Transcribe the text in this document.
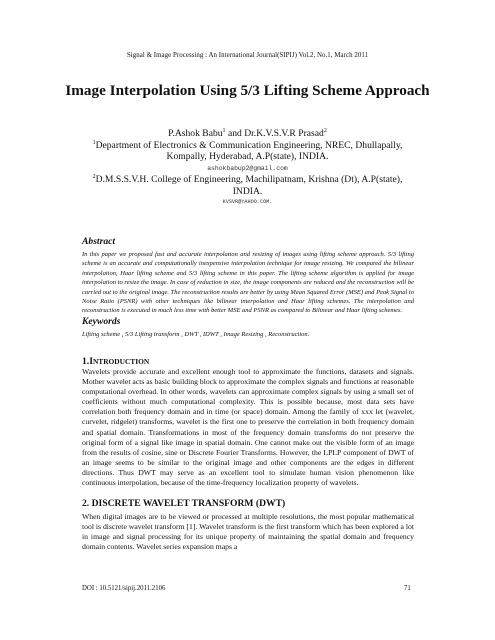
Signal & Image Processing : An International Journal(SIPIJ) Vol.2, No.1, March 2011
Image Interpolation Using 5/3 Lifting Scheme Approach
P.Ashok Babu$^1$ and Dr.K.V.S.V.R Prasad$^2$
$^1$Department of Electronics & Communication Engineering, NREC, Dhullapally,
Kompally, Hyderabad, A.P(state), INDIA.
ashokbabup2@gmail.com
$^2$D.M.S.S.V.H. College of Engineering, Machilipatnam, Krishna (Dt), A.P(state),
INDIA.
KVSVR@YAHOO.COM.
Abstract

In this paper we proposed fast and accurate interpolation and resizing of images using lifting scheme approach. 5/3 lifting scheme is an accurate and computationally inexpensive interpolation technique for image resizing. We compared the bilinear interpolation, Haar lifting scheme and 5/3 lifting scheme in this paper. The lifting scheme algorithm is applied for image interpolation to resize the image. In case of reduction in size, the image components are reduced and the reconstruction will be carried out to the original image. The reconstruction results are better by using Mean Squared Error (MSE) and Peak Signal to Noise Ratio (PSNR) with other techniques like bilinear interpolation and Haar lifting schemes. The interpolation and reconstruction is executed in much less time with better MSE and PSNR as compared to Bilinear and Haar lifting schemes.

Keywords

Lifting scheme , 5/3 Lifting transform , DWT , IDWT , Image Resizing , Reconstruction.

1.INTRODUCTION

Wavelets provide accurate and excellent enough tool to approximate the functions, datasets and signals. Mother wavelet acts as basic building block to approximate the complex signals and functions at reasonable computational overhead. In other words, wavelets can approximate complex signals by using a small set of coefficients without much computational complexity. This is possible because, most data sets have correlation both frequency domain and in time (or space) domain. Among the family of xxx let (wavelet, curvelet, ridgelet) transforms, wavelet is the first one to preserve the correlation in both frequency domain and spatial domain. Transformations in most of the frequency domain transforms do not preserve the original form of a signal like image in spatial domain. One cannot make out the visible form of an image from the results of cosine, sine or Discrete Fourier Transforms. However, the LPLP component of DWT of an image seems to be similar to the original image and other components are the edges in different directions. Thus DWT may serve as an excellent tool to simulate human vision phenomenon like continuous interpolation, because of the time-frequency localization property of wavelets.

2. DISCRETE WAVELET TRANSFORM (DWT)

When digital images are to be viewed or processed at multiple resolutions, the most popular mathematical tool is discrete wavelet transform [1]. Wavelet transform is the first transform which has been explored a lot in image and signal processing for its unique property of maintaining the spatial domain and frequency domain contents. Wavelet series expansion maps a

DOI : 10.5121/sipij.2011.2106	71
